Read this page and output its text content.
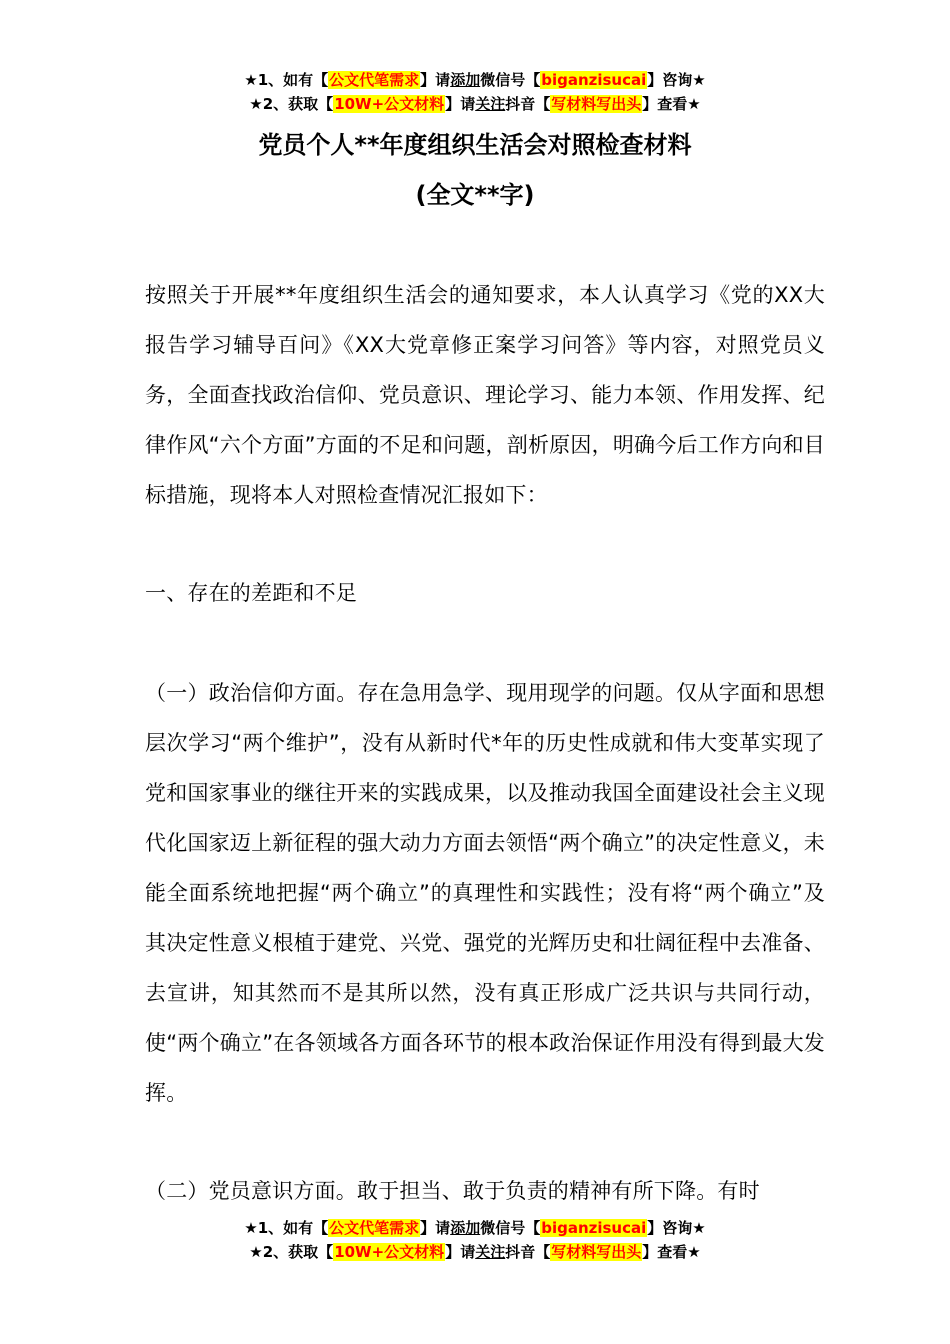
★1、如有【公文代笔需求】请添加微信号【biganzisucai】咨询★
★2、获取【10W+公文材料】请关注抖音【写材料写出头】查看★
党员个人**年度组织生活会对照检查材料
(全文**字)
按照关于开展**年度组织生活会的通知要求，本人认真学习《党的XX大报告学习辅导百问》《XX大党章修正案学习问答》等内容，对照党员义务，全面查找政治信仰、党员意识、理论学习、能力本领、作用发挥、纪律作风“六个方面”方面的不足和问题，剖析原因，明确今后工作方向和目标措施，现将本人对照检查情况汇报如下：
一、存在的差距和不足
（一）政治信仰方面。存在急用急学、现用现学的问题。仅从字面和思想层次学习“两个维护”，没有从新时代*年的历史性成就和伟大变革实现了党和国家事业的继往开来的实践成果，以及推动我国全面建设社会主义现代化国家迈上新征程的强大动力方面去领悟“两个确立”的决定性意义，未能全面系统地把握“两个确立”的真理性和实践性；没有将“两个确立”及其决定性意义根植于建党、兴党、强党的光辉历史和壮阔征程中去准备、去宣讲，知其然而不是其所以然，没有真正形成广泛共识与共同行动，使“两个确立”在各领域各方面各环节的根本政治保证作用没有得到最大发挥。
（二）党员意识方面。敢于担当、敢于负责的精神有所下降。有时
★1、如有【公文代笔需求】请添加微信号【biganzisucai】咨询★
★2、获取【10W+公文材料】请关注抖音【写材料写出头】查看★
